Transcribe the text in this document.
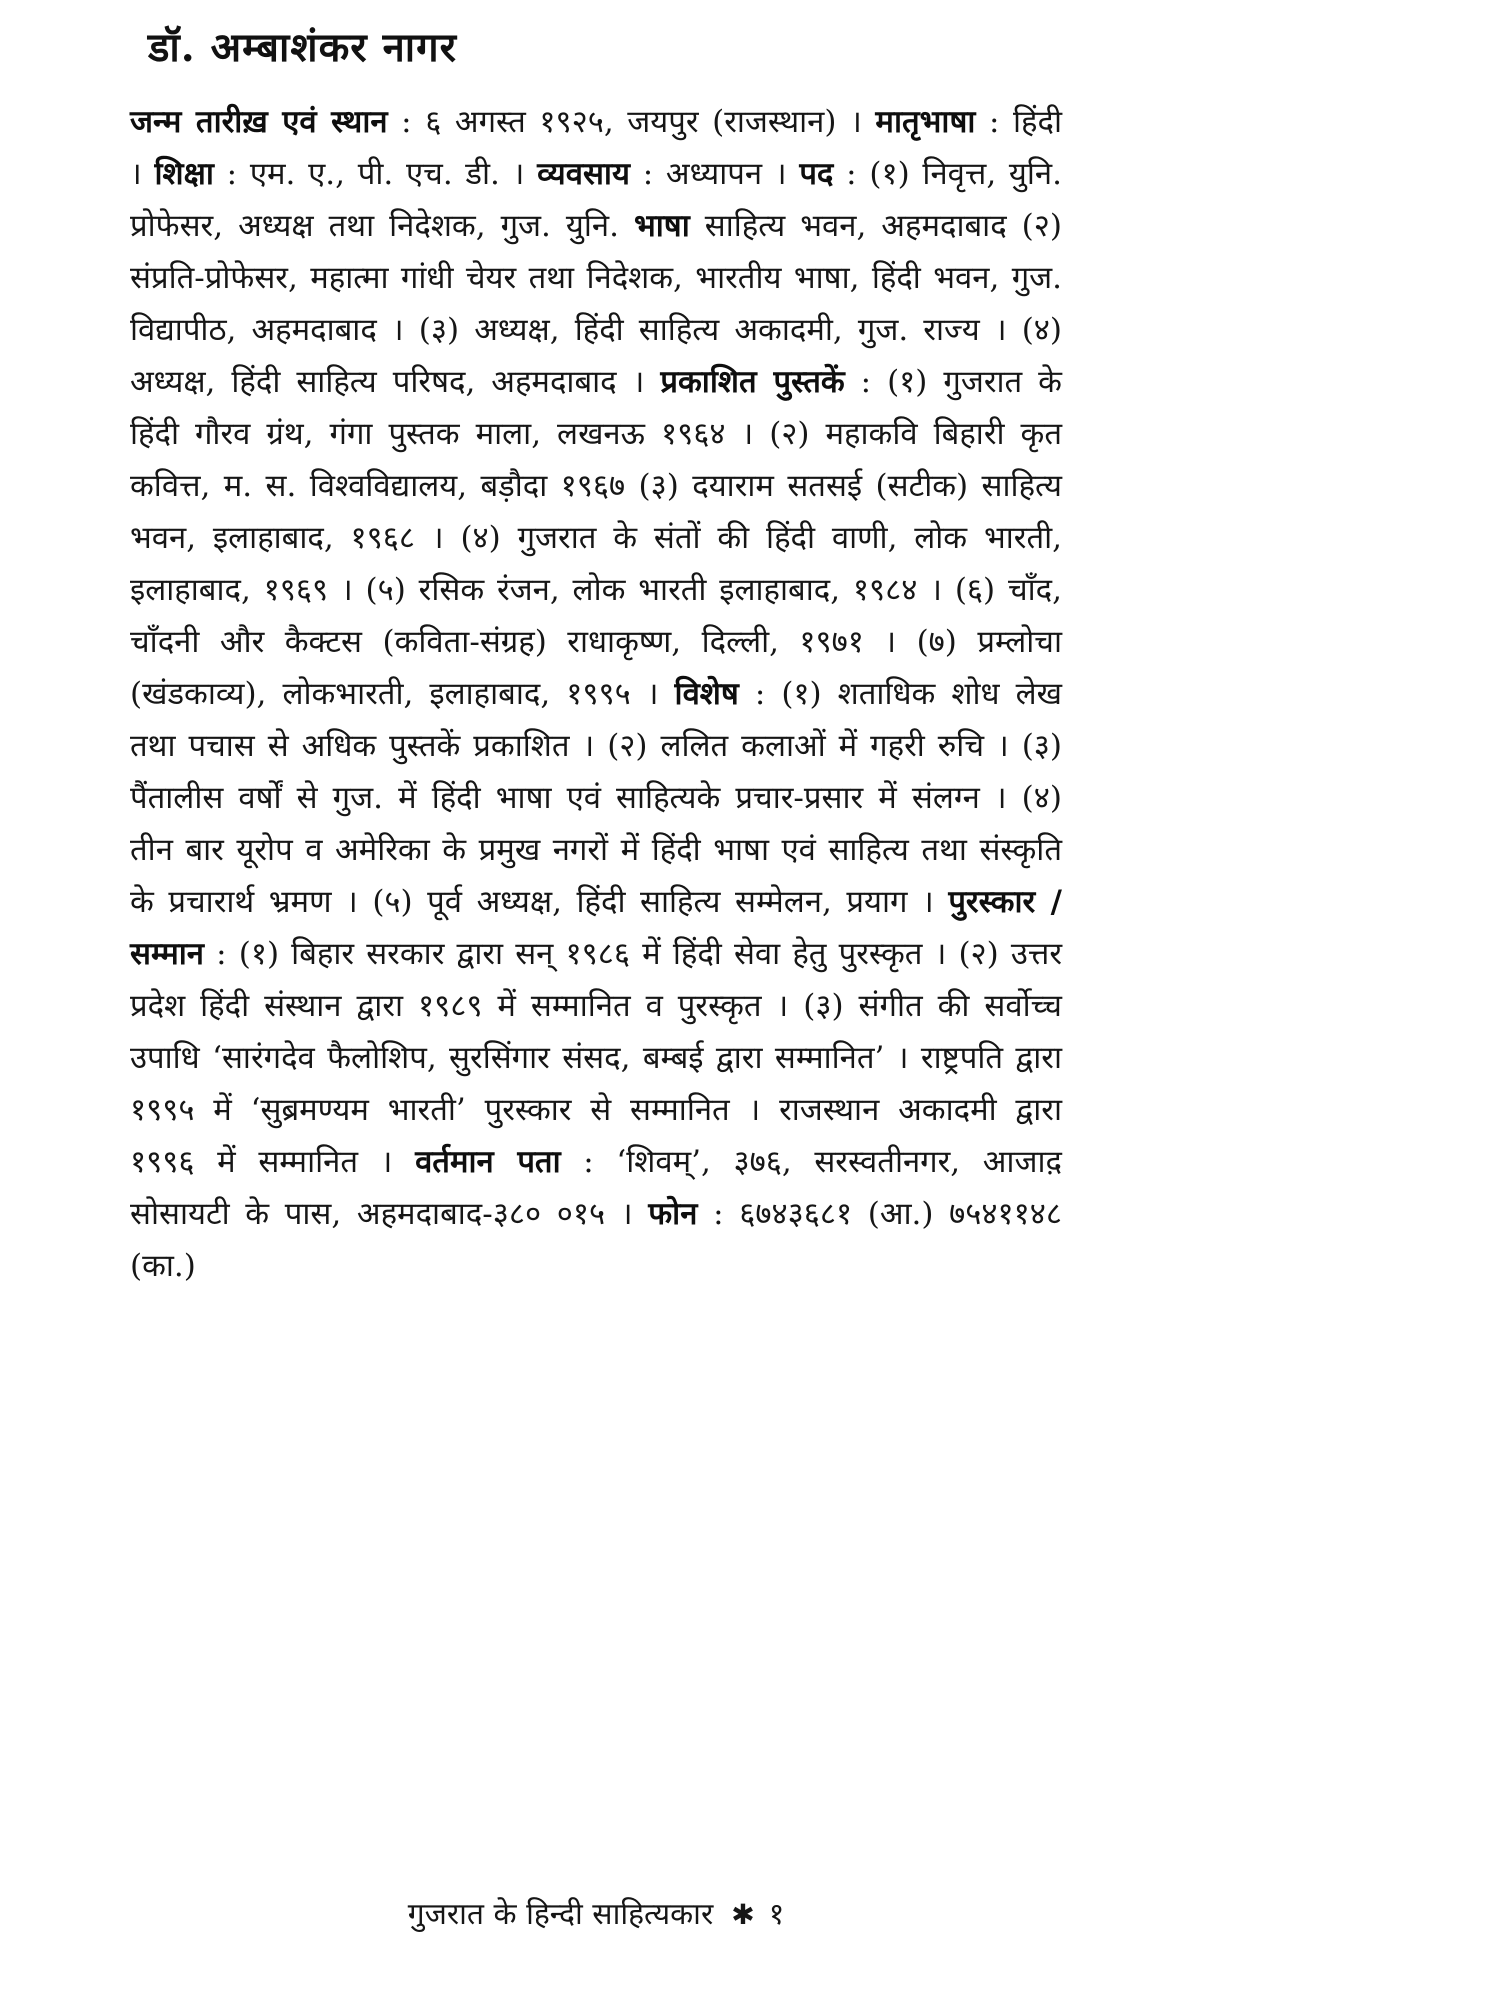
डॉ. अम्बाशंकर नागर

जन्म तारीख़ एवं स्थान : ६ अगस्त १९२५, जयपुर (राजस्थान) । मातृभाषा : हिंदी । शिक्षा : एम. ए., पी. एच. डी. । व्यवसाय : अध्यापन । पद : (१) निवृत्त, युनि. प्रोफेसर, अध्यक्ष तथा निदेशक, गुज. युनि. भाषा साहित्य भवन, अहमदाबाद (२) संप्रति-प्रोफेसर, महात्मा गांधी चेयर तथा निदेशक, भारतीय भाषा, हिंदी भवन, गुज. विद्यापीठ, अहमदाबाद । (३) अध्यक्ष, हिंदी साहित्य अकादमी, गुज. राज्य । (४) अध्यक्ष, हिंदी साहित्य परिषद, अहमदाबाद । प्रकाशित पुस्तकें : (१) गुजरात के हिंदी गौरव ग्रंथ, गंगा पुस्तक माला, लखनऊ १९६४ । (२) महाकवि बिहारी कृत कवित्त, म. स. विश्वविद्यालय, बड़ौदा १९६७ (३) दयाराम सतसई (सटीक) साहित्य भवन, इलाहाबाद, १९६८ । (४) गुजरात के संतों की हिंदी वाणी, लोक भारती, इलाहाबाद, १९६९ । (५) रसिक रंजन, लोक भारती इलाहाबाद, १९८४ । (६) चाँद, चाँदनी और कैक्टस (कविता-संग्रह) राधाकृष्ण, दिल्ली, १९७१ । (७) प्रम्लोचा (खंडकाव्य), लोकभारती, इलाहाबाद, १९९५ । विशेष : (१) शताधिक शोध लेख तथा पचास से अधिक पुस्तकें प्रकाशित । (२) ललित कलाओं में गहरी रुचि । (३) पैंतालीस वर्षों से गुज. में हिंदी भाषा एवं साहित्यके प्रचार-प्रसार में संलग्न । (४) तीन बार यूरोप व अमेरिका के प्रमुख नगरों में हिंदी भाषा एवं साहित्य तथा संस्कृति के प्रचारार्थ भ्रमण । (५) पूर्व अध्यक्ष, हिंदी साहित्य सम्मेलन, प्रयाग । पुरस्कार / सम्मान : (१) बिहार सरकार द्वारा सन् १९८६ में हिंदी सेवा हेतु पुरस्कृत । (२) उत्तर प्रदेश हिंदी संस्थान द्वारा १९८९ में सम्मानित व पुरस्कृत । (३) संगीत की सर्वोच्च उपाधि ‘सारंगदेव फैलोशिप, सुरसिंगार संसद, बम्बई द्वारा सम्मानित’ । राष्ट्रपति द्वारा १९९५ में ‘सुब्रमण्यम भारती’ पुरस्कार से सम्मानित । राजस्थान अकादमी द्वारा १९९६ में सम्मानित । वर्तमान पता : ‘शिवम्’, ३७६, सरस्वतीनगर, आजाद़ सोसायटी के पास, अहमदाबाद-३८० ०१५ । फोन : ६७४३६८१ (आ.) ७५४११४८ (का.)

गुजरात के हिन्दी साहित्यकार ✱ १
